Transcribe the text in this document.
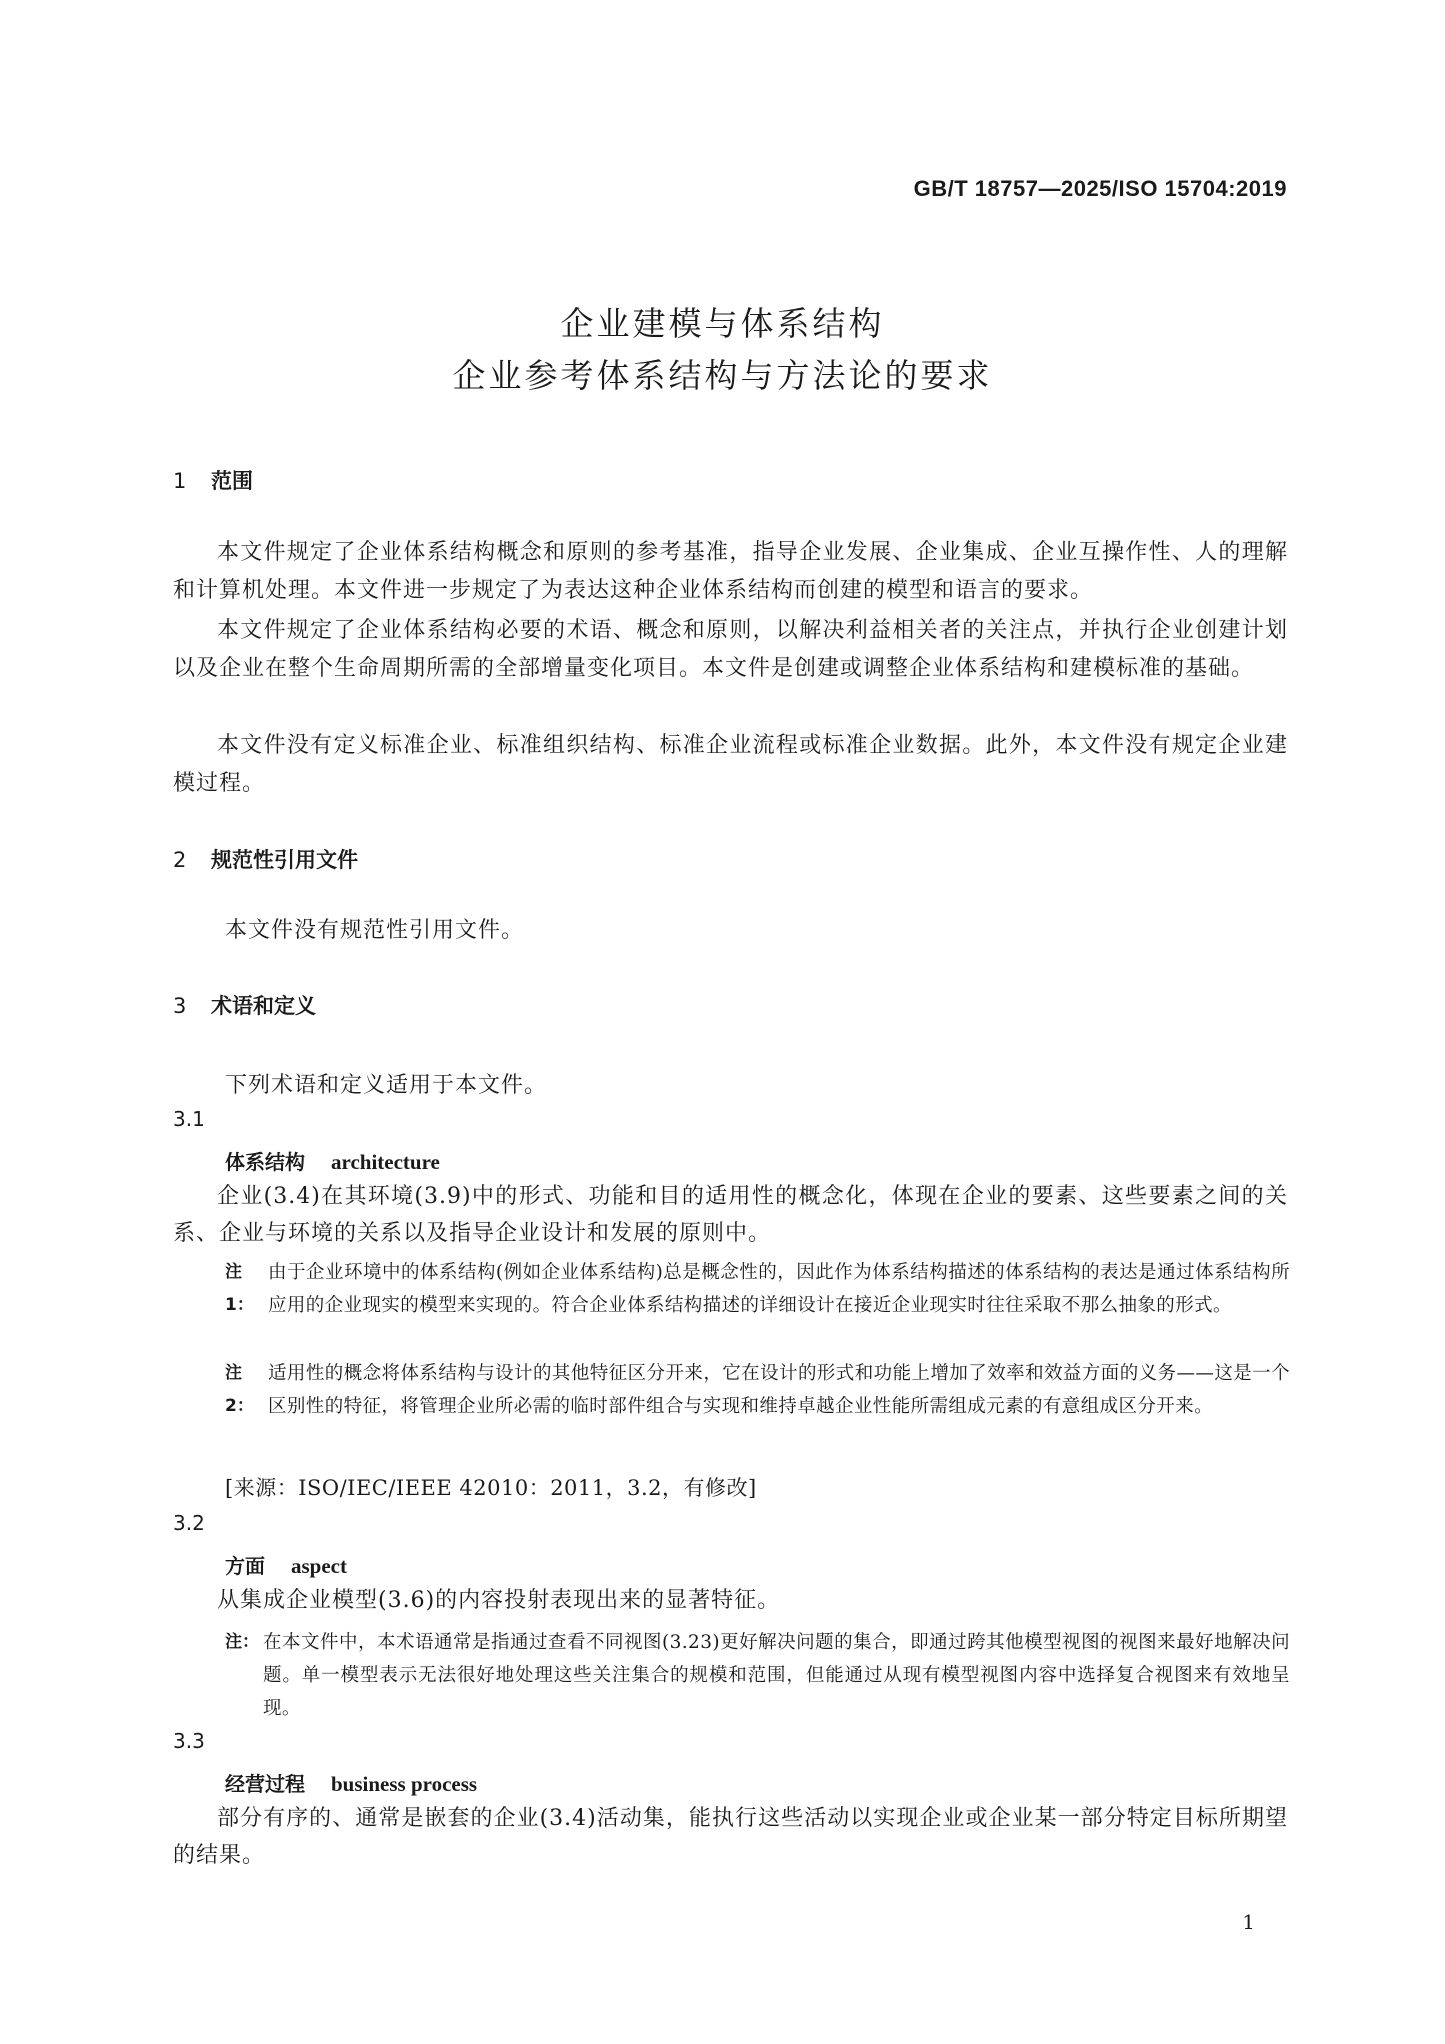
GB/T 18757—2025/ISO 15704:2019
企业建模与体系结构
企业参考体系结构与方法论的要求
1 范围

本文件规定了企业体系结构概念和原则的参考基准，指导企业发展、企业集成、企业互操作性、人的理解和计算机处理。本文件进一步规定了为表达这种企业体系结构而创建的模型和语言的要求。

本文件规定了企业体系结构必要的术语、概念和原则，以解决利益相关者的关注点，并执行企业创建计划以及企业在整个生命周期所需的全部增量变化项目。本文件是创建或调整企业体系结构和建模标准的基础。

本文件没有定义标准企业、标准组织结构、标准企业流程或标准企业数据。此外，本文件没有规定企业建模过程。

2 规范性引用文件
本文件没有规范性引用文件。
3 术语和定义
下列术语和定义适用于本文件。
3.1
体系结构 architecture

企业(3.4)在其环境(3.9)中的形式、功能和目的适用性的概念化，体现在企业的要素、这些要素之间的关系、企业与环境的关系以及指导企业设计和发展的原则中。

注 1：
由于企业环境中的体系结构(例如企业体系结构)总是概念性的，因此作为体系结构描述的体系结构的表达是通过体系结构所应用的企业现实的模型来实现的。符合企业体系结构描述的详细设计在接近企业现实时往往采取不那么抽象的形式。
注 2：
适用性的概念将体系结构与设计的其他特征区分开来，它在设计的形式和功能上增加了效率和效益方面的义务——这是一个区别性的特征，将管理企业所必需的临时部件组合与实现和维持卓越企业性能所需组成元素的有意组成区分开来。
[来源：ISO/IEC/IEEE 42010：2011，3.2，有修改]
3.2
方面 aspect

从集成企业模型(3.6)的内容投射表现出来的显著特征。

注： 在本文件中，本术语通常是指通过查看不同视图(3.23)更好解决问题的集合，即通过跨其他模型视图的视图来最好地解决问题。单一模型表示无法很好地处理这些关注集合的规模和范围，但能通过从现有模型视图内容中选择复合视图来有效地呈现。
3.3
经营过程 business process

部分有序的、通常是嵌套的企业(3.4)活动集，能执行这些活动以实现企业或企业某一部分特定目标所期望的结果。

1
